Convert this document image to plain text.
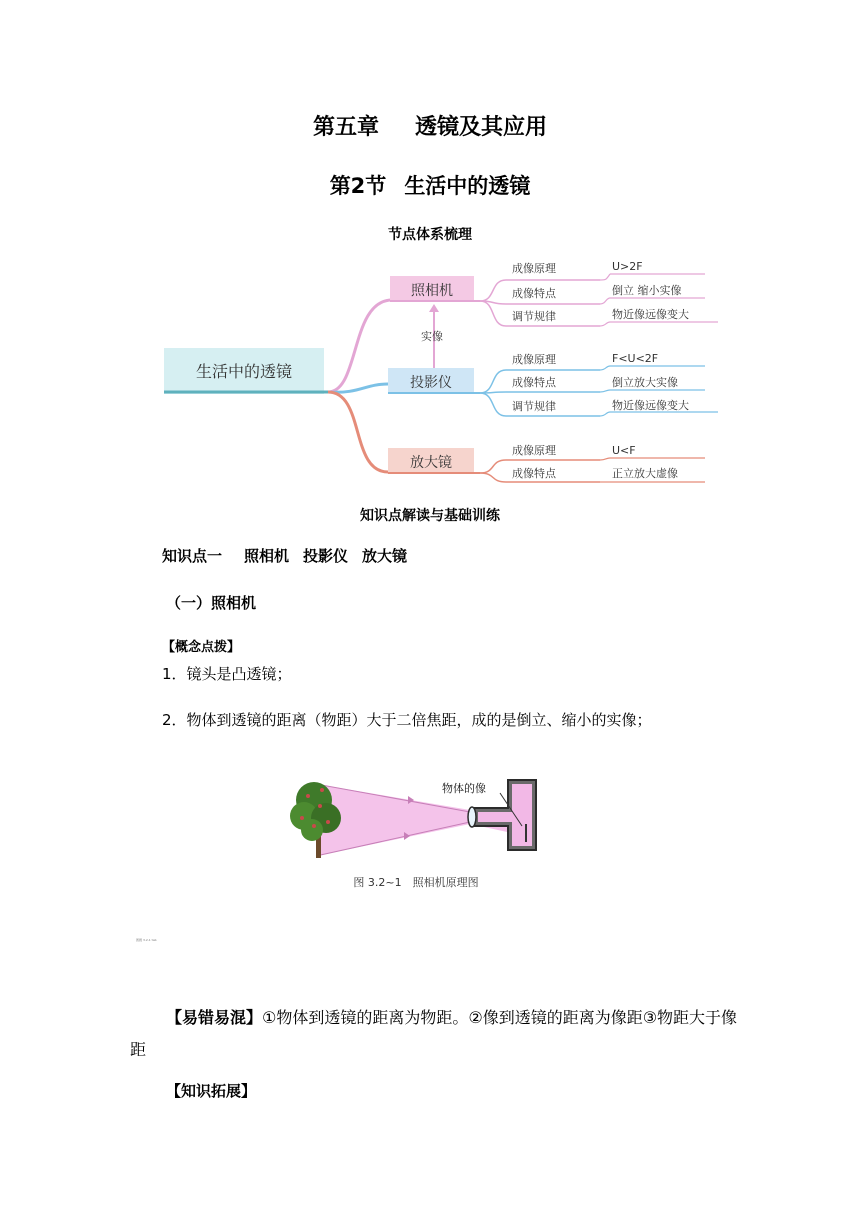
第五章 透镜及其应用
第2节 生活中的透镜
节点体系梳理
生活中的透镜
照相机
投影仪
放大镜
实像
成像原理
成像特点
调节规律
U>2F
倒立 缩小实像
物近像远像变大
成像原理
成像特点
调节规律
F<U<2F
倒立放大实像
物近像远像变大
成像原理
成像特点
U<F
正立放大虚像
知识点解读与基础训练
知识点一 照相机 投影仪 放大镜
（一）照相机
【概念点拨】
1．镜头是凸透镜；
2．物体到透镜的距离（物距）大于二倍焦距，成的是倒立、缩小的实像；
物体的像
图 3.2~1　照相机原理图
图题 3.2-1 tab
【易错易混】①物体到透镜的距离为物距。②像到透镜的距离为像距③物距大于像距
【知识拓展】
